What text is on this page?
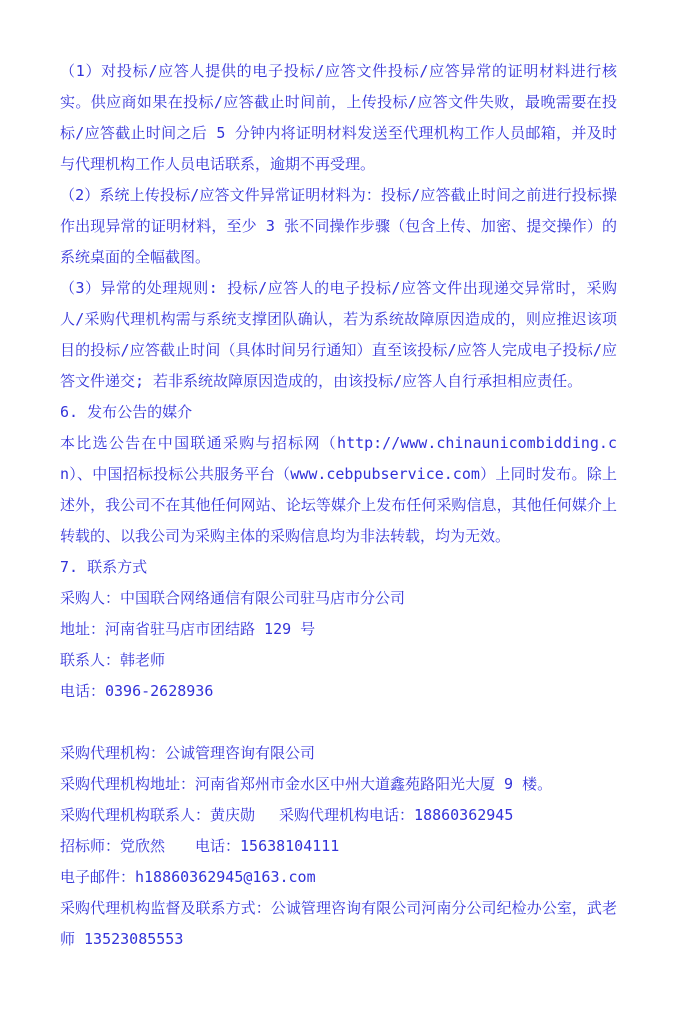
（1）对投标/应答人提供的电子投标/应答文件投标/应答异常的证明材料进行核实。供应商如果在投标/应答截止时间前，上传投标/应答文件失败，最晚需要在投标/应答截止时间之后 5 分钟内将证明材料发送至代理机构工作人员邮箱，并及时与代理机构工作人员电话联系，逾期不再受理。

（2）系统上传投标/应答文件异常证明材料为：投标/应答截止时间之前进行投标操作出现异常的证明材料，至少 3 张不同操作步骤（包含上传、加密、提交操作）的系统桌面的全幅截图。

（3）异常的处理规则: 投标/应答人的电子投标/应答文件出现递交异常时，采购人/采购代理机构需与系统支撑团队确认，若为系统故障原因造成的，则应推迟该项目的投标/应答截止时间（具体时间另行通知）直至该投标/应答人完成电子投标/应答文件递交; 若非系统故障原因造成的，由该投标/应答人自行承担相应责任。

6. 发布公告的媒介

本比选公告在中国联通采购与招标网（http://www.chinaunicombidding.cn）、中国招标投标公共服务平台（www.cebpubservice.com）上同时发布。除上述外，我公司不在其他任何网站、论坛等媒介上发布任何采购信息，其他任何媒介上转载的、以我公司为采购主体的采购信息均为非法转载，均为无效。

7. 联系方式

采购人：中国联合网络通信有限公司驻马店市分公司

地址：河南省驻马店市团结路 129 号

联系人：韩老师

电话：0396-2628936

采购代理机构：公诚管理咨询有限公司

采购代理机构地址：河南省郑州市金水区中州大道鑫苑路阳光大厦 9 楼。

采购代理机构联系人：黄庆勋　 采购代理机构电话：18860362945

招标师：党欣然　　电话：15638104111

电子邮件：h18860362945@163.com

采购代理机构监督及联系方式：公诚管理咨询有限公司河南分公司纪检办公室，武老师 13523085553
